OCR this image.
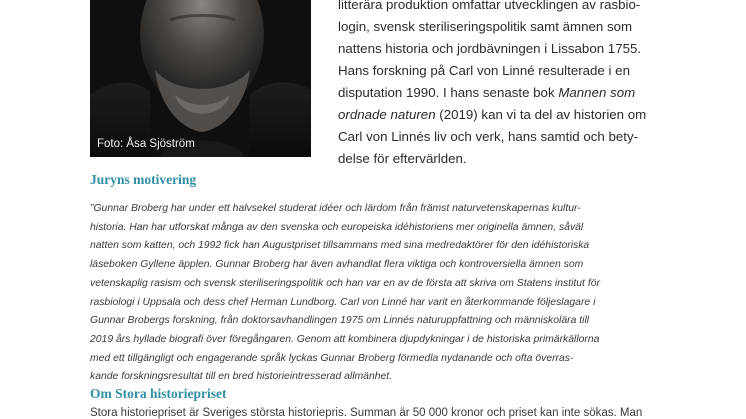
Foto: Åsa Sjöström
litterära produktion omfattar utvecklingen av rasbio-
login, svensk steriliseringspolitik samt ämnen som
nattens historia och jordbävningen i Lissabon 1755.
Hans forskning på Carl von Linné resulterade i en
disputation 1990. I hans senaste bok Mannen som
ordnade naturen (2019) kan vi ta del av historien om
Carl von Linnés liv och verk, hans samtid och bety-
delse för eftervärlden.
Juryns motivering
”Gunnar Broberg har under ett halvsekel studerat idéer och lärdom från främst naturvetenskapernas kultur-
historia. Han har utforskat många av den svenska och europeiska idéhistoriens mer originella ämnen, såväl
natten som katten, och 1992 fick han Augustpriset tillsammans med sina medredaktörer för den idéhistoriska
läseboken Gyllene äpplen. Gunnar Broberg har även avhandlat flera viktiga och kontroversiella ämnen som
vetenskaplig rasism och svensk steriliseringspolitik och han var en av de första att skriva om Statens institut för
rasbiologi i Uppsala och dess chef Herman Lundborg. Carl von Linné har varit en återkommande följeslagare i
Gunnar Brobergs forskning, från doktorsavhandlingen 1975 om Linnés naturuppfattning och människolära till
2019 års hyllade biografi över föregångaren. Genom att kombinera djupdykningar i de historiska primärkällorna
med ett tillgängligt och engagerande språk lyckas Gunnar Broberg förmedla nydanande och ofta överras-
kande forskningsresultat till en bred historieintresserad allmänhet.
Om Stora historiepriset
Stora historiepriset är Sveriges största historiepris. Summan är 50 000 kronor och priset kan inte sökas. Man
